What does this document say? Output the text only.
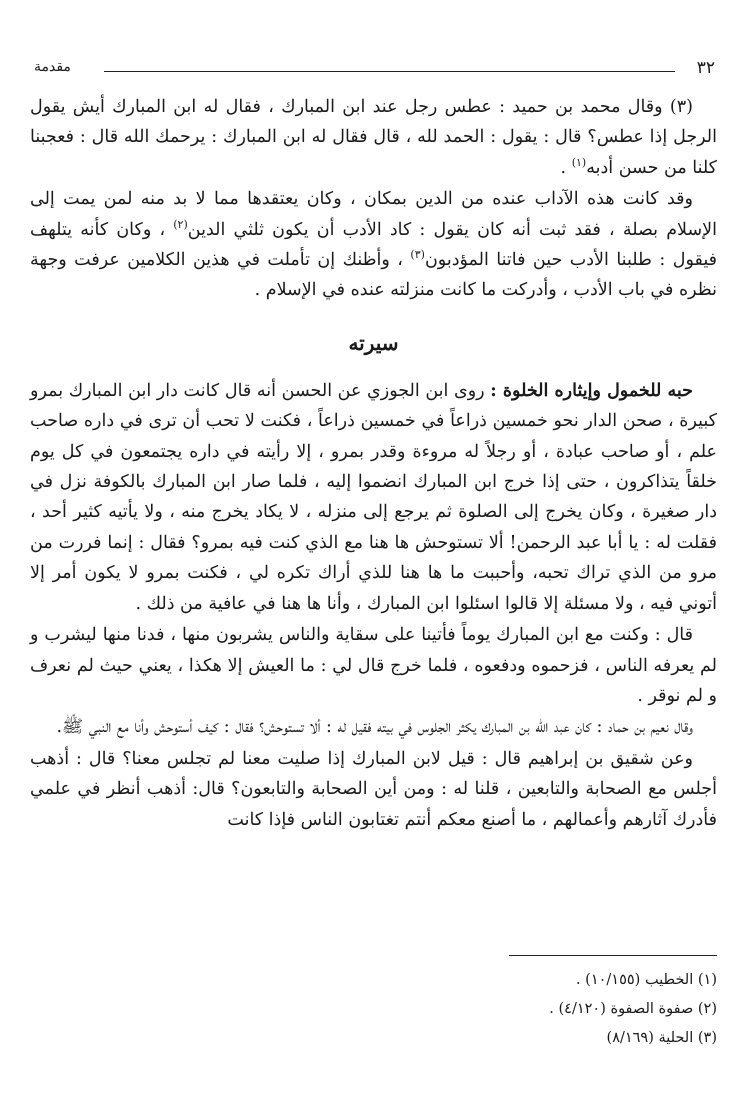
٣٢
مقدمة

(٣) وقال محمد بن حميد : عطس رجل عند ابن المبارك ، فقال له ابن المبارك أيش يقول الرجل إذا عطس؟ قال : يقول : الحمد لله ، قال فقال له ابن المبارك : يرحمك الله قال : فعجبنا كلنا من حسن أدبه$^{(١)}$ .

وقد كانت هذه الآداب عنده من الدين بمكان ، وكان يعتقدها مما لا بد منه لمن يمت إلى الإسلام بصلة ، فقد ثبت أنه كان يقول : كاد الأدب أن يكون ثلثي الدين$^{(٢)}$ ، وكان كأنه يتلهف فيقول : طلبنا الأدب حين فاتنا المؤدبون$^{(٣)}$ ، وأظنك إن تأملت في هذين الكلامين عرفت وجهة نظره في باب الأدب ، وأدركت ما كانت منزلته عنده في الإسلام .

سيرته

حبه للخمول وإيثاره الخلوة : روى ابن الجوزي عن الحسن أنه قال كانت دار ابن المبارك بمرو كبيرة ، صحن الدار نحو خمسين ذراعاً في خمسين ذراعاً ، فكنت لا تحب أن ترى في داره صاحب علم ، أو صاحب عبادة ، أو رجلاً له مروءة وقدر بمرو ، إلا رأيته في داره يجتمعون في كل يوم خلقاً يتذاكرون ، حتى إذا خرج ابن المبارك انضموا إليه ، فلما صار ابن المبارك بالكوفة نزل في دار صغيرة ، وكان يخرج إلى الصلوة ثم يرجع إلى منزله ، لا يكاد يخرج منه ، ولا يأتيه كثير أحد ، فقلت له : يا أبا عبد الرحمن! ألا تستوحش ها هنا مع الذي كنت فيه بمرو؟ فقال : إنما فررت من مرو من الذي تراك تحبه، وأحببت ما ها هنا للذي أراك تكره لي ، فكنت بمرو لا يكون أمر إلا أتوني فيه ، ولا مسئلة إلا قالوا اسئلوا ابن المبارك ، وأنا ها هنا في عافية من ذلك .

قال : وكنت مع ابن المبارك يوماً فأتينا على سقاية والناس يشربون منها ، فدنا منها ليشرب و لم يعرفه الناس ، فزحموه ودفعوه ، فلما خرج قال لي : ما العيش إلا هكذا ، يعني حيث لم نعرف و لم نوقر .

وقال نعيم بن حماد : كان عبد الله بن المبارك يكثر الجلوس في بيته فقيل له : ألا تستوحش؟ فقال : كيف أستوحش وأنا مع النبي ﷺ.

وعن شقيق بن إبراهيم قال : قيل لابن المبارك إذا صليت معنا لم تجلس معنا؟ قال : أذهب أجلس مع الصحابة والتابعين ، قلنا له : ومن أين الصحابة والتابعون؟ قال: أذهب أنظر في علمي فأدرك آثارهم وأعمالهم ، ما أصنع معكم أنتم تغتابون الناس فإذا كانت

(١) الخطيب (١٠/١٥٥) .
(٢) صفوة الصفوة (٤/١٢٠) .
(٣) الحلية (٨/١٦٩)
